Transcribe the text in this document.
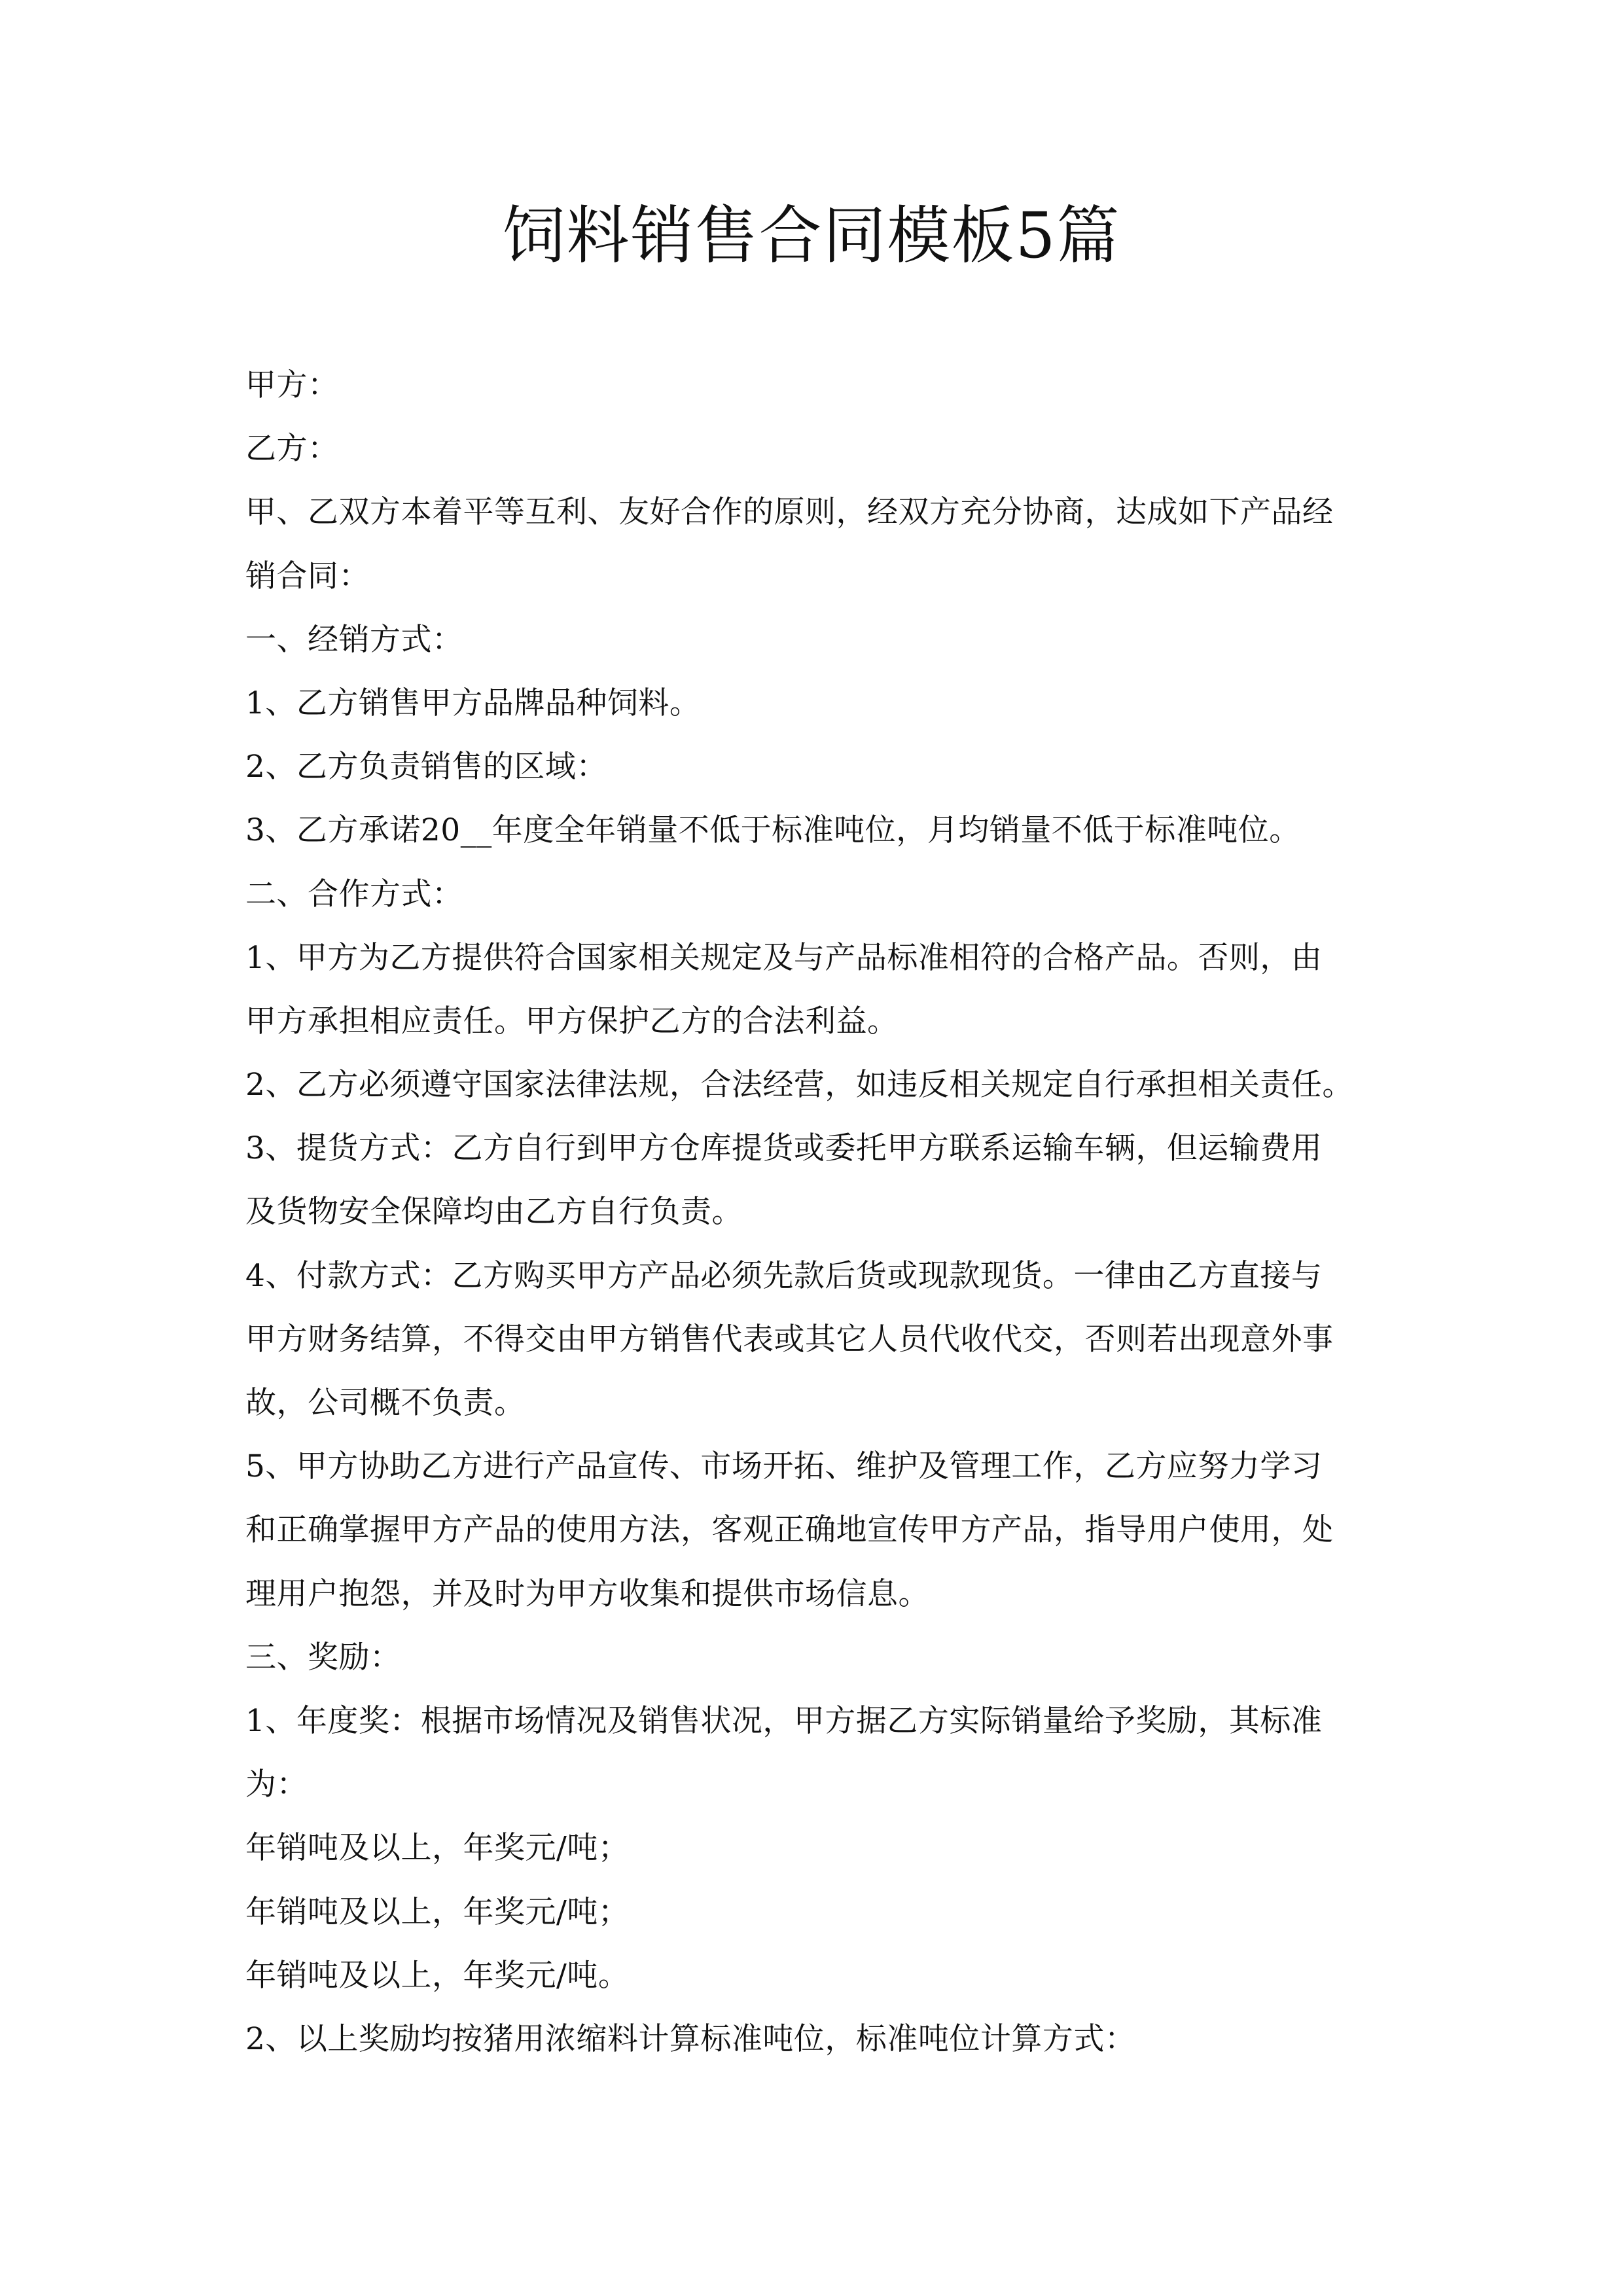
饲料销售合同模板5篇
甲方：
乙方：
甲、乙双方本着平等互利、友好合作的原则，经双方充分协商，达成如下产品经
销合同：
一、经销方式：
1、乙方销售甲方品牌品种饲料。
2、乙方负责销售的区域：
3、乙方承诺20__年度全年销量不低于标准吨位，月均销量不低于标准吨位。
二、合作方式：
1、甲方为乙方提供符合国家相关规定及与产品标准相符的合格产品。否则，由
甲方承担相应责任。甲方保护乙方的合法利益。
2、乙方必须遵守国家法律法规，合法经营，如违反相关规定自行承担相关责任。
3、提货方式：乙方自行到甲方仓库提货或委托甲方联系运输车辆，但运输费用
及货物安全保障均由乙方自行负责。
4、付款方式：乙方购买甲方产品必须先款后货或现款现货。一律由乙方直接与
甲方财务结算，不得交由甲方销售代表或其它人员代收代交，否则若出现意外事
故，公司概不负责。
5、甲方协助乙方进行产品宣传、市场开拓、维护及管理工作，乙方应努力学习
和正确掌握甲方产品的使用方法，客观正确地宣传甲方产品，指导用户使用，处
理用户抱怨，并及时为甲方收集和提供市场信息。
三、奖励：
1、年度奖：根据市场情况及销售状况，甲方据乙方实际销量给予奖励，其标准
为：
年销吨及以上，年奖元/吨；
年销吨及以上，年奖元/吨；
年销吨及以上，年奖元/吨。
2、以上奖励均按猪用浓缩料计算标准吨位，标准吨位计算方式：
